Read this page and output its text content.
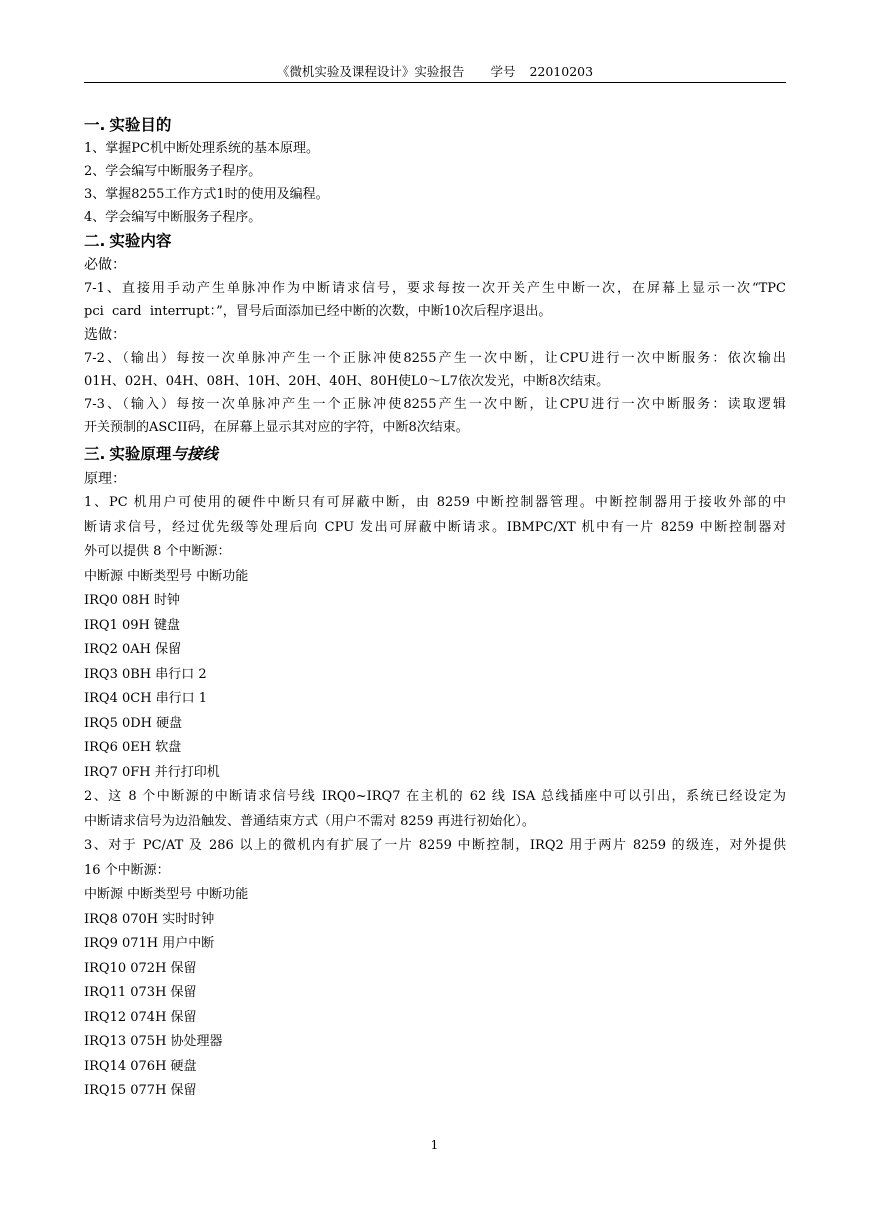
《微机实验及课程设计》实验报告 学号 22010203
一. 实验目的
1、掌握PC机中断处理系统的基本原理。
2、学会编写中断服务子程序。
3、掌握8255工作方式1时的使用及编程。
4、学会编写中断服务子程序。
二. 实验内容
必做：
7-1、直接用手动产生单脉冲作为中断请求信号，要求每按一次开关产生中断一次，在屏幕上显示一次“TPC
pci  card  interrupt：”，冒号后面添加已经中断的次数，中断10次后程序退出。
选做：
7-2、（输出）每按一次单脉冲产生一个正脉冲使8255产生一次中断，让CPU进行一次中断服务：依次输出
01H、02H、04H、08H、10H、20H、40H、80H使L0～L7依次发光，中断8次结束。
7-3、（输入）每按一次单脉冲产生一个正脉冲使8255产生一次中断，让CPU进行一次中断服务：读取逻辑
开关预制的ASCII码，在屏幕上显示其对应的字符，中断8次结束。
三. 实验原理与接线
原理：
1、PC 机用户可使用的硬件中断只有可屏蔽中断，由 8259 中断控制器管理。中断控制器用于接收外部的中
断请求信号，经过优先级等处理后向 CPU 发出可屏蔽中断请求。IBMPC/XT 机中有一片 8259 中断控制器对
外可以提供 8 个中断源：
中断源 中断类型号 中断功能
IRQ0 08H 时钟
IRQ1 09H 键盘
IRQ2 0AH 保留
IRQ3 0BH 串行口 2
IRQ4 0CH 串行口 1
IRQ5 0DH 硬盘
IRQ6 0EH 软盘
IRQ7 0FH 并行打印机
2、这 8 个中断源的中断请求信号线 IRQ0~IRQ7 在主机的 62 线 ISA 总线插座中可以引出，系统已经设定为
中断请求信号为边沿触发、普通结束方式（用户不需对 8259 再进行初始化）。
3、对于 PC/AT 及 286 以上的微机内有扩展了一片 8259 中断控制，IRQ2 用于两片 8259 的级连，对外提供
16 个中断源：
中断源 中断类型号 中断功能
IRQ8 070H 实时时钟
IRQ9 071H 用户中断
IRQ10 072H 保留
IRQ11 073H 保留
IRQ12 074H 保留
IRQ13 075H 协处理器
IRQ14 076H 硬盘
IRQ15 077H 保留
1
